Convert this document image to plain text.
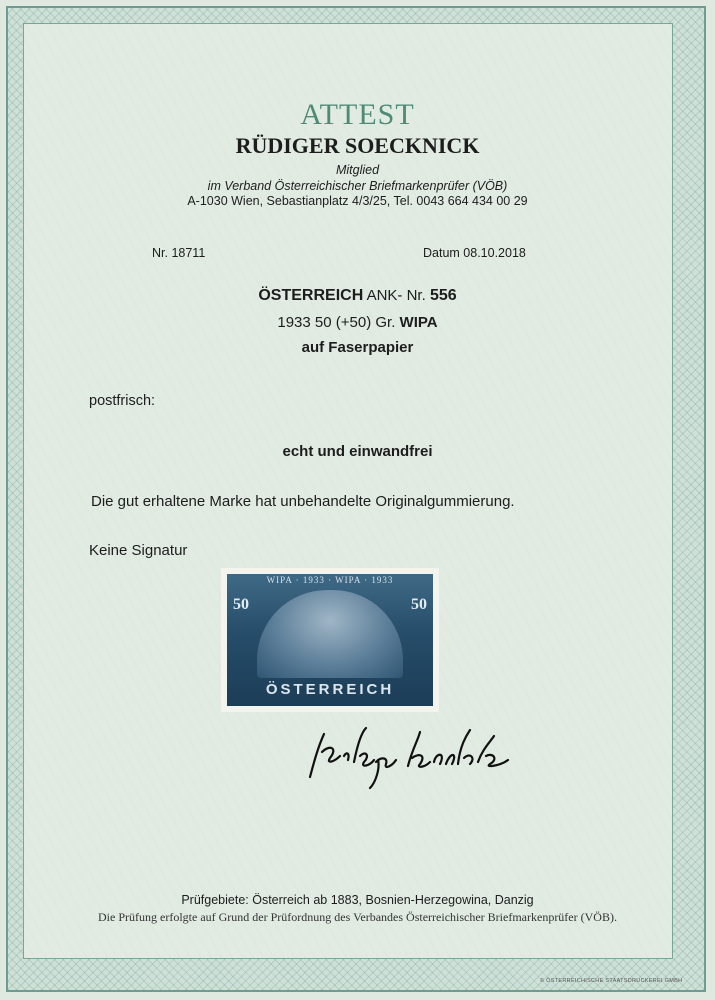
ATTEST
RÜDIGER SOECKNICK
Mitglied
im Verband Österreichischer Briefmarkenprüfer (VÖB)
A-1030 Wien, Sebastianplatz 4/3/25, Tel. 0043 664 434 00 29
Nr. 18711	Datum 08.10.2018
ÖSTERREICH ANK- Nr. 556
1933 50 (+50) Gr. WIPA
auf Faserpapier
postfrisch:
echt und einwandfrei
Die gut erhaltene Marke hat unbehandelte Originalgummierung.
Keine Signatur
WIPA · 1933 · WIPA · 1933
50	50
ÖSTERREICH
Prüfgebiete: Österreich ab 1883, Bosnien-Herzegowina, Danzig
Die Prüfung erfolgte auf Grund der Prüfordnung des Verbandes Österreichischer Briefmarkenprüfer (VÖB).
© ÖSTERREICHISCHE STAATSDRUCKEREI GMBH
